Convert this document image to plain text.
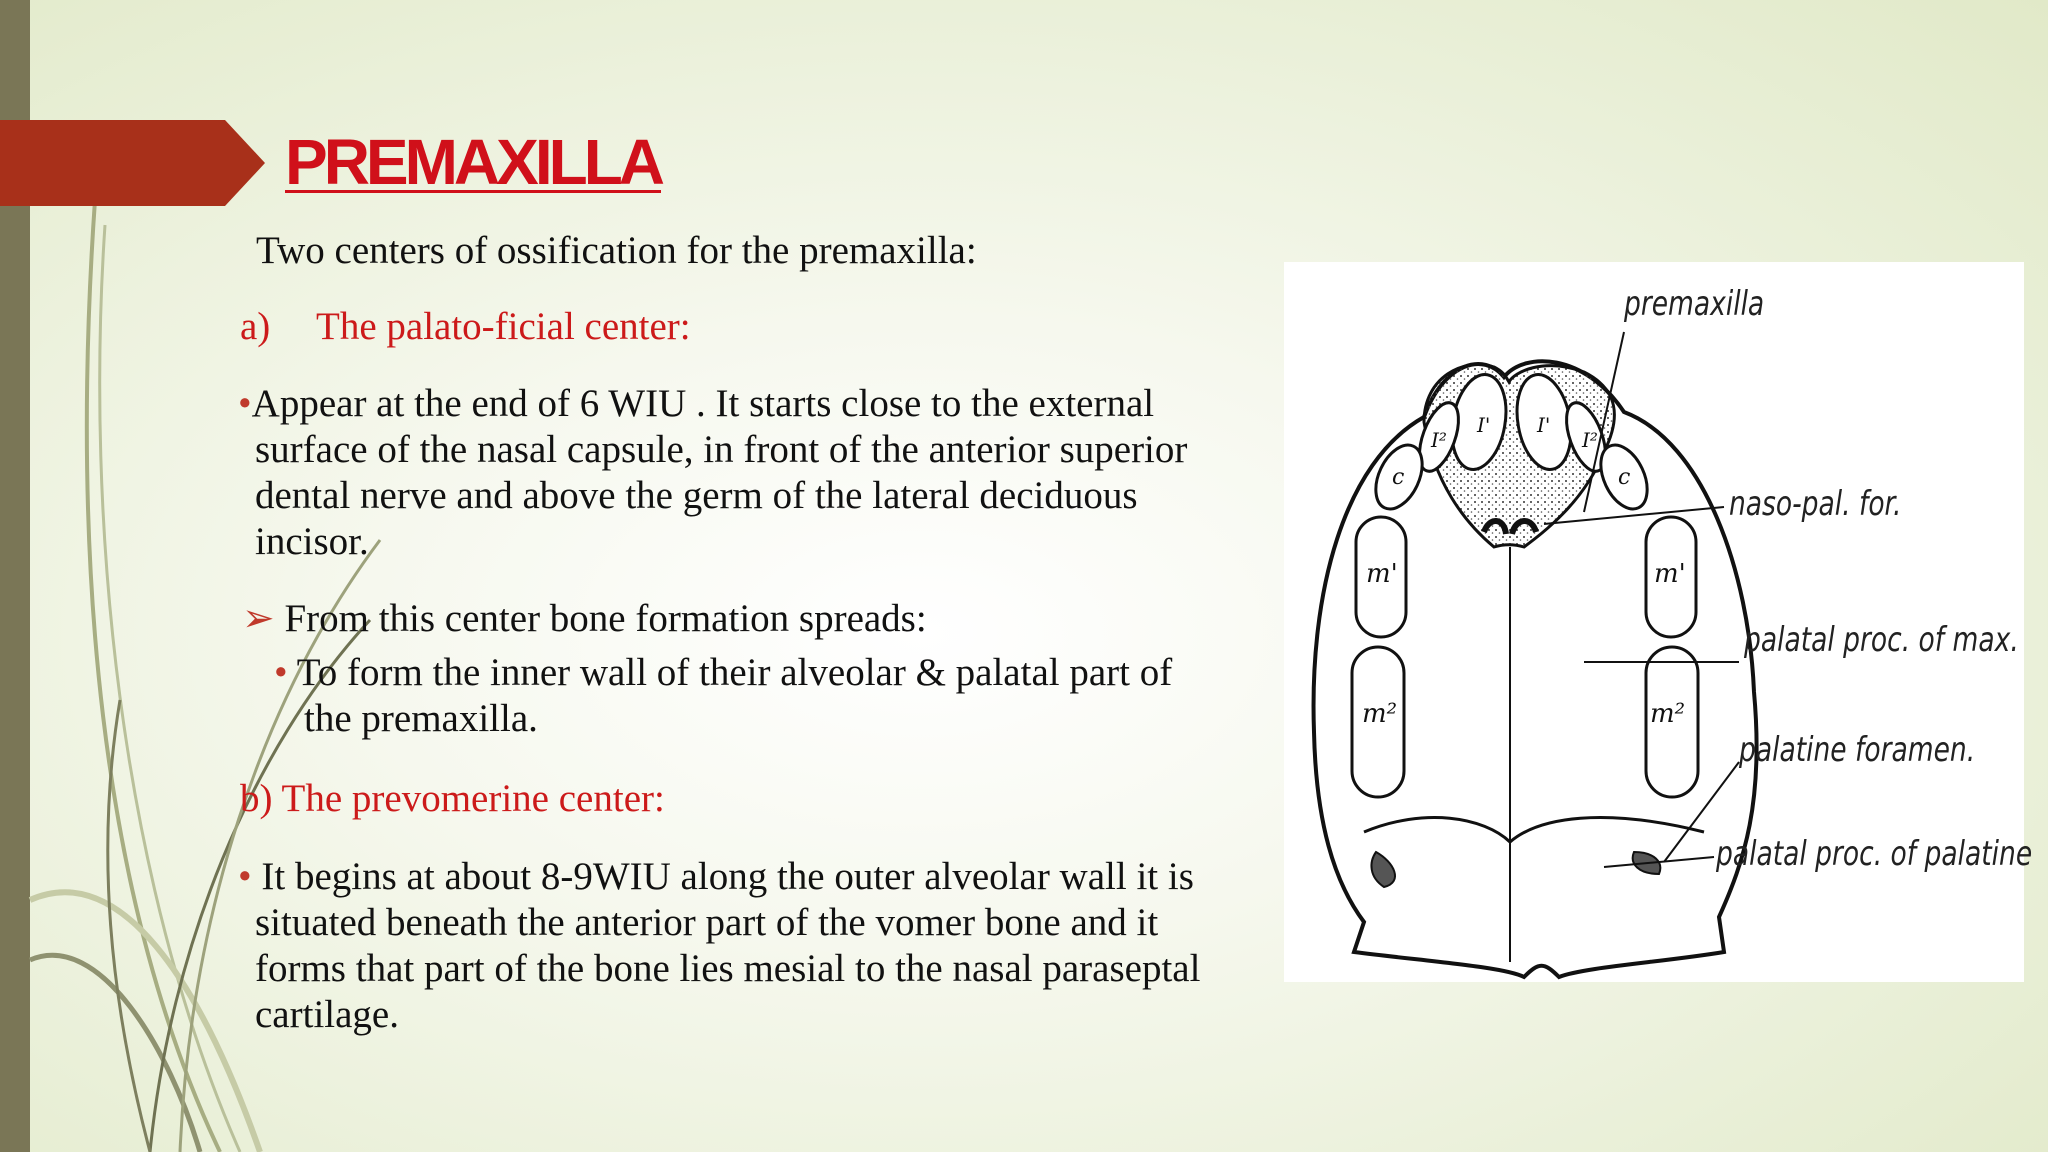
PREMAXILLA
Two centers of ossification for the premaxilla:
a) The palato-ficial center:
•Appear at the end of 6 WIU . It starts close to the external
surface of the nasal capsule, in front of the anterior superior
dental nerve and above the germ of the lateral deciduous
incisor.
➢ From this center bone formation spreads:
• To form the inner wall of their alveolar & palatal part of
the premaxilla.
b) The prevomerine center:
• It begins at about 8-9WIU along the outer alveolar wall it is
situated beneath the anterior part of the vomer bone and it
forms that part of the bone lies mesial to the nasal paraseptal
cartilage.
I²
I' I'
I²
c	c
m'	m'
m²	m²
premaxilla
naso-pal. for.
palatal proc. of max.
palatine foramen.
palatal proc. of palatine
